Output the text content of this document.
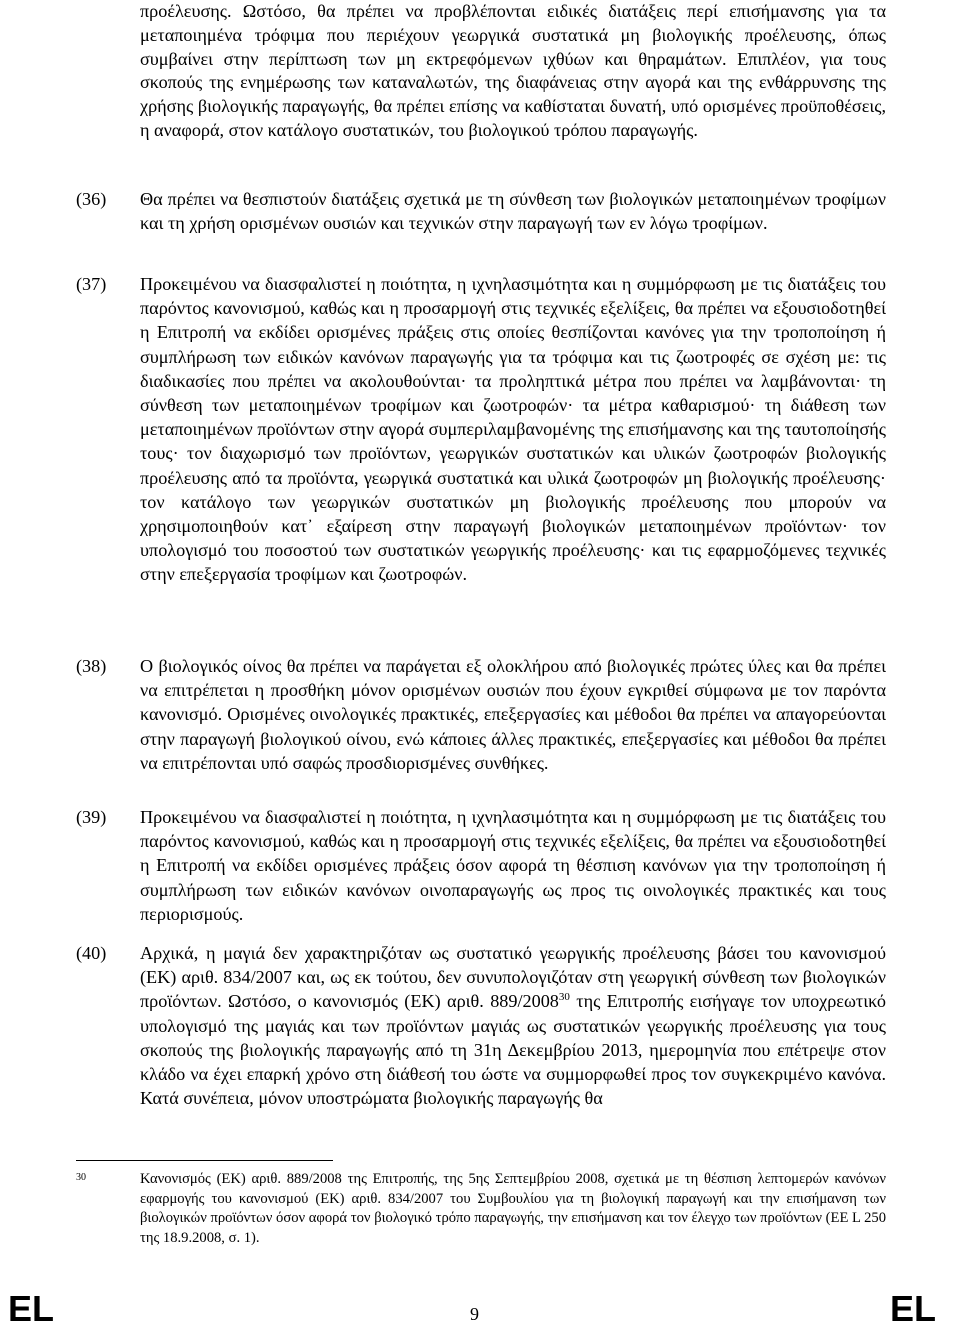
προέλευσης. Ωστόσο, θα πρέπει να προβλέπονται ειδικές διατάξεις περί επισήμανσης για τα μεταποιημένα τρόφιμα που περιέχουν γεωργικά συστατικά μη βιολογικής προέλευσης, όπως συμβαίνει στην περίπτωση των μη εκτρεφόμενων ιχθύων και θηραμάτων. Επιπλέον, για τους σκοπούς της ενημέρωσης των καταναλωτών, της διαφάνειας στην αγορά και της ενθάρρυνσης της χρήσης βιολογικής παραγωγής, θα πρέπει επίσης να καθίσταται δυνατή, υπό ορισμένες προϋποθέσεις, η αναφορά, στον κατάλογο συστατικών, του βιολογικού τρόπου παραγωγής.
(36) Θα πρέπει να θεσπιστούν διατάξεις σχετικά με τη σύνθεση των βιολογικών μεταποιημένων τροφίμων και τη χρήση ορισμένων ουσιών και τεχνικών στην παραγωγή των εν λόγω τροφίμων.
(37) Προκειμένου να διασφαλιστεί η ποιότητα, η ιχνηλασιμότητα και η συμμόρφωση με τις διατάξεις του παρόντος κανονισμού, καθώς και η προσαρμογή στις τεχνικές εξελίξεις, θα πρέπει να εξουσιοδοτηθεί η Επιτροπή να εκδίδει ορισμένες πράξεις στις οποίες θεσπίζονται κανόνες για την τροποποίηση ή συμπλήρωση των ειδικών κανόνων παραγωγής για τα τρόφιμα και τις ζωοτροφές σε σχέση με: τις διαδικασίες που πρέπει να ακολουθούνται· τα προληπτικά μέτρα που πρέπει να λαμβάνονται· τη σύνθεση των μεταποιημένων τροφίμων και ζωοτροφών· τα μέτρα καθαρισμού· τη διάθεση των μεταποιημένων προϊόντων στην αγορά συμπεριλαμβανομένης της επισήμανσης και της ταυτοποίησής τους· τον διαχωρισμό των προϊόντων, γεωργικών συστατικών και υλικών ζωοτροφών βιολογικής προέλευσης από τα προϊόντα, γεωργικά συστατικά και υλικά ζωοτροφών μη βιολογικής προέλευσης· τον κατάλογο των γεωργικών συστατικών μη βιολογικής προέλευσης που μπορούν να χρησιμοποιηθούν κατ᾽ εξαίρεση στην παραγωγή βιολογικών μεταποιημένων προϊόντων· τον υπολογισμό του ποσοστού των συστατικών γεωργικής προέλευσης· και τις εφαρμοζόμενες τεχνικές στην επεξεργασία τροφίμων και ζωοτροφών.
(38) Ο βιολογικός οίνος θα πρέπει να παράγεται εξ ολοκλήρου από βιολογικές πρώτες ύλες και θα πρέπει να επιτρέπεται η προσθήκη μόνον ορισμένων ουσιών που έχουν εγκριθεί σύμφωνα με τον παρόντα κανονισμό. Ορισμένες οινολογικές πρακτικές, επεξεργασίες και μέθοδοι θα πρέπει να απαγορεύονται στην παραγωγή βιολογικού οίνου, ενώ κάποιες άλλες πρακτικές, επεξεργασίες και μέθοδοι θα πρέπει να επιτρέπονται υπό σαφώς προσδιορισμένες συνθήκες.
(39) Προκειμένου να διασφαλιστεί η ποιότητα, η ιχνηλασιμότητα και η συμμόρφωση με τις διατάξεις του παρόντος κανονισμού, καθώς και η προσαρμογή στις τεχνικές εξελίξεις, θα πρέπει να εξουσιοδοτηθεί η Επιτροπή να εκδίδει ορισμένες πράξεις όσον αφορά τη θέσπιση κανόνων για την τροποποίηση ή συμπλήρωση των ειδικών κανόνων οινοπαραγωγής ως προς τις οινολογικές πρακτικές και τους περιορισμούς.
(40) Αρχικά, η μαγιά δεν χαρακτηριζόταν ως συστατικό γεωργικής προέλευσης βάσει του κανονισμού (ΕΚ) αριθ. 834/2007 και, ως εκ τούτου, δεν συνυπολογιζόταν στη γεωργική σύνθεση των βιολογικών προϊόντων. Ωστόσο, ο κανονισμός (ΕΚ) αριθ. 889/2008$^{30}$ της Επιτροπής εισήγαγε τον υποχρεωτικό υπολογισμό της μαγιάς και των προϊόντων μαγιάς ως συστατικών γεωργικής προέλευσης για τους σκοπούς της βιολογικής παραγωγής από τη 31η Δεκεμβρίου 2013, ημερομηνία που επέτρεψε στον κλάδο να έχει επαρκή χρόνο στη διάθεσή του ώστε να συμμορφωθεί προς τον συγκεκριμένο κανόνα. Κατά συνέπεια, μόνον υποστρώματα βιολογικής παραγωγής θα
30	Κανονισμός (ΕΚ) αριθ. 889/2008 της Επιτροπής, της 5ης Σεπτεμβρίου 2008, σχετικά με τη θέσπιση λεπτομερών κανόνων εφαρμογής του κανονισμού (ΕΚ) αριθ. 834/2007 του Συμβουλίου για τη βιολογική παραγωγή και την επισήμανση των βιολογικών προϊόντων όσον αφορά τον βιολογικό τρόπο παραγωγής, την επισήμανση και τον έλεγχο των προϊόντων (ΕΕ L 250 της 18.9.2008, σ. 1).
EL	9	EL
